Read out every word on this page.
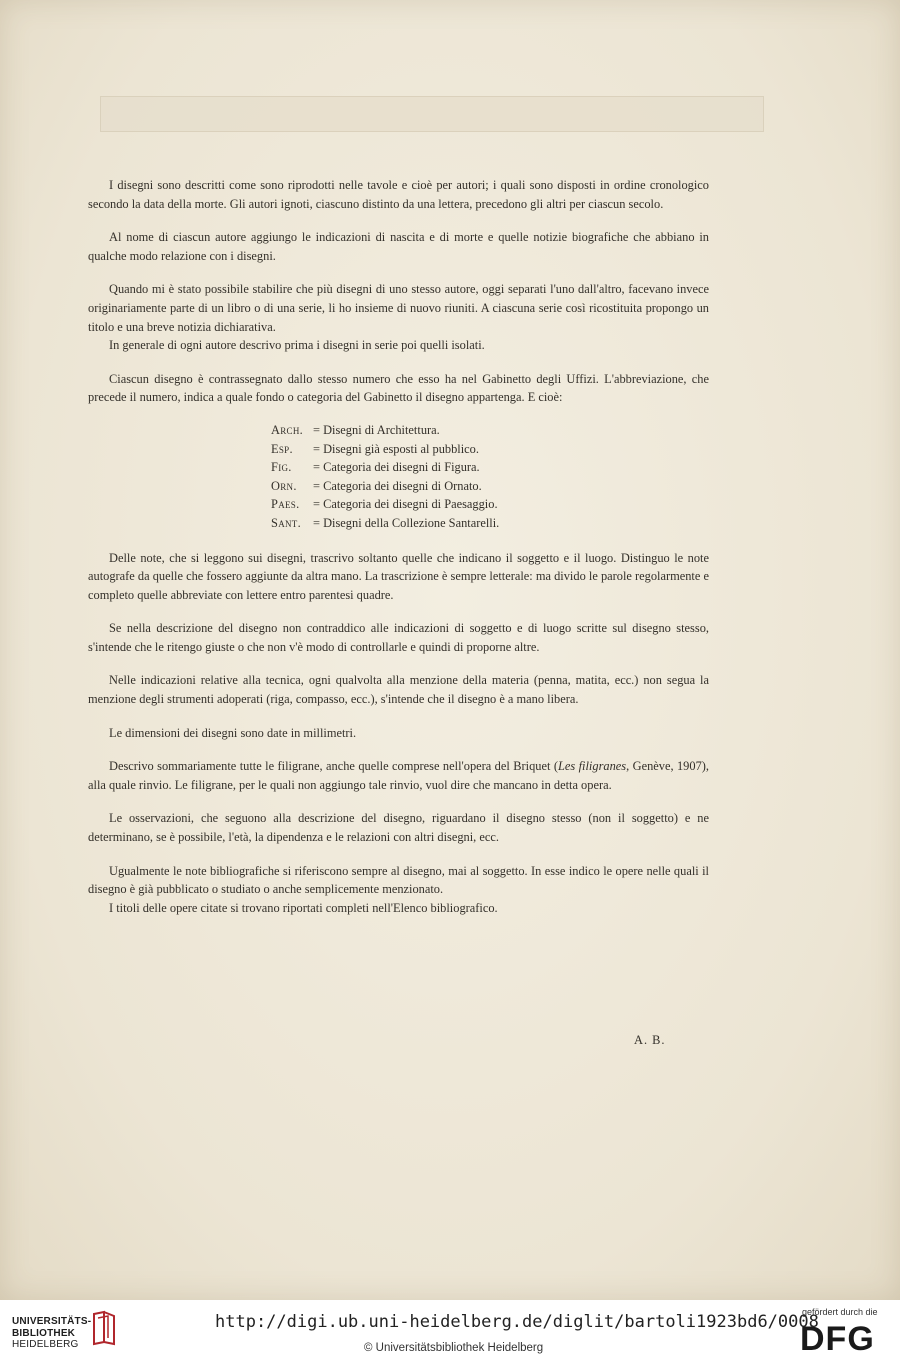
I disegni sono descritti come sono riprodotti nelle tavole e cioè per autori; i quali sono disposti in ordine cronologico secondo la data della morte. Gli autori ignoti, ciascuno distinto da una lettera, precedono gli altri per ciascun secolo.

Al nome di ciascun autore aggiungo le indicazioni di nascita e di morte e quelle notizie biografiche che abbiano in qualche modo relazione con i disegni.

Quando mi è stato possibile stabilire che più disegni di uno stesso autore, oggi separati l'uno dall'altro, facevano invece originariamente parte di un libro o di una serie, li ho insieme di nuovo riuniti. A ciascuna serie così ricostituita propongo un titolo e una breve notizia dichiarativa.

In generale di ogni autore descrivo prima i disegni in serie poi quelli isolati.

Ciascun disegno è contrassegnato dallo stesso numero che esso ha nel Gabinetto degli Uffizi. L'abbreviazione, che precede il numero, indica a quale fondo o categoria del Gabinetto il disegno appartenga. E cioè:

Arch. = Disegni di Architettura.
Esp.	= Disegni già esposti al pubblico.
Fig.	= Categoria dei disegni di Figura.
Orn.	= Categoria dei disegni di Ornato.
Paes.	= Categoria dei disegni di Paesaggio.
Sant. = Disegni della Collezione Santarelli.

Delle note, che si leggono sui disegni, trascrivo soltanto quelle che indicano il soggetto e il luogo. Distinguo le note autografe da quelle che fossero aggiunte da altra mano. La trascrizione è sempre letterale: ma divido le parole regolarmente e completo quelle abbreviate con lettere entro parentesi quadre.

Se nella descrizione del disegno non contraddico alle indicazioni di soggetto e di luogo scritte sul disegno stesso, s'intende che le ritengo giuste o che non v'è modo di controllarle e quindi di proporne altre.

Nelle indicazioni relative alla tecnica, ogni qualvolta alla menzione della materia (penna, matita, ecc.) non segua la menzione degli strumenti adoperati (riga, compasso, ecc.), s'intende che il disegno è a mano libera.

Le dimensioni dei disegni sono date in millimetri.

Descrivo sommariamente tutte le filigrane, anche quelle comprese nell'opera del Briquet (Les filigranes, Genève, 1907), alla quale rinvio. Le filigrane, per le quali non aggiungo tale rinvio, vuol dire che mancano in detta opera.

Le osservazioni, che seguono alla descrizione del disegno, riguardano il disegno stesso (non il soggetto) e ne determinano, se è possibile, l'età, la dipendenza e le relazioni con altri disegni, ecc.

Ugualmente le note bibliografiche si riferiscono sempre al disegno, mai al soggetto. In esse indico le opere nelle quali il disegno è già pubblicato o studiato o anche semplicemente menzionato.

I titoli delle opere citate si trovano riportati completi nell'Elenco bibliografico.

A. B.
UNIVERSITÄTS-
BIBLIOTHEK
HEIDELBERG
http://digi.ub.uni-heidelberg.de/diglit/bartoli1923bd6/0008
© Universitätsbibliothek Heidelberg
gefördert durch die
DFG
